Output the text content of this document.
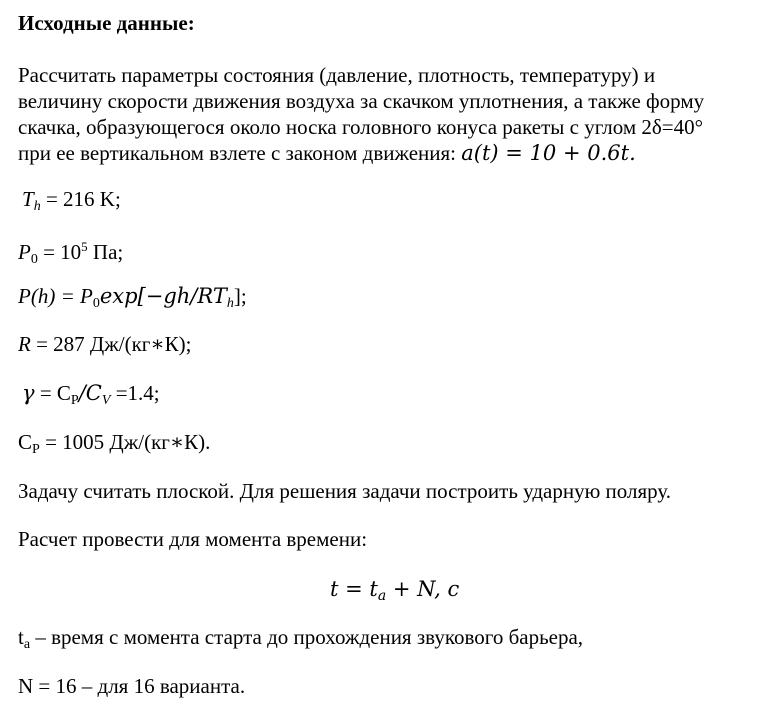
Исходные данные:
Рассчитать параметры состояния (давление, плотность, температуру) и
величину скорости движения воздуха за скачком уплотнения, а также форму
скачка, образующегося около носка головного конуса ракеты с углом 2δ=40°
при ее вертикальном взлете с законом движения: a(t) = 10 + 0.6t.
$T_h = 216$ K;
$P_0 = 10^5$ Па;
$P(h) = P_0\exp[-gh/RT_h]$;
R = 287 Дж/(кг∗К);
$\gamma = C_P/C_V =1.4$;
$C_P = 1005$ Дж/(кг∗К).
Задачу считать плоской. Для решения задачи построить ударную поляру.
Расчет провести для момента времени:
$t = t_a + N$, c
$t_a$ – время с момента старта до прохождения звукового барьера,
N = 16 – для 16 варианта.
